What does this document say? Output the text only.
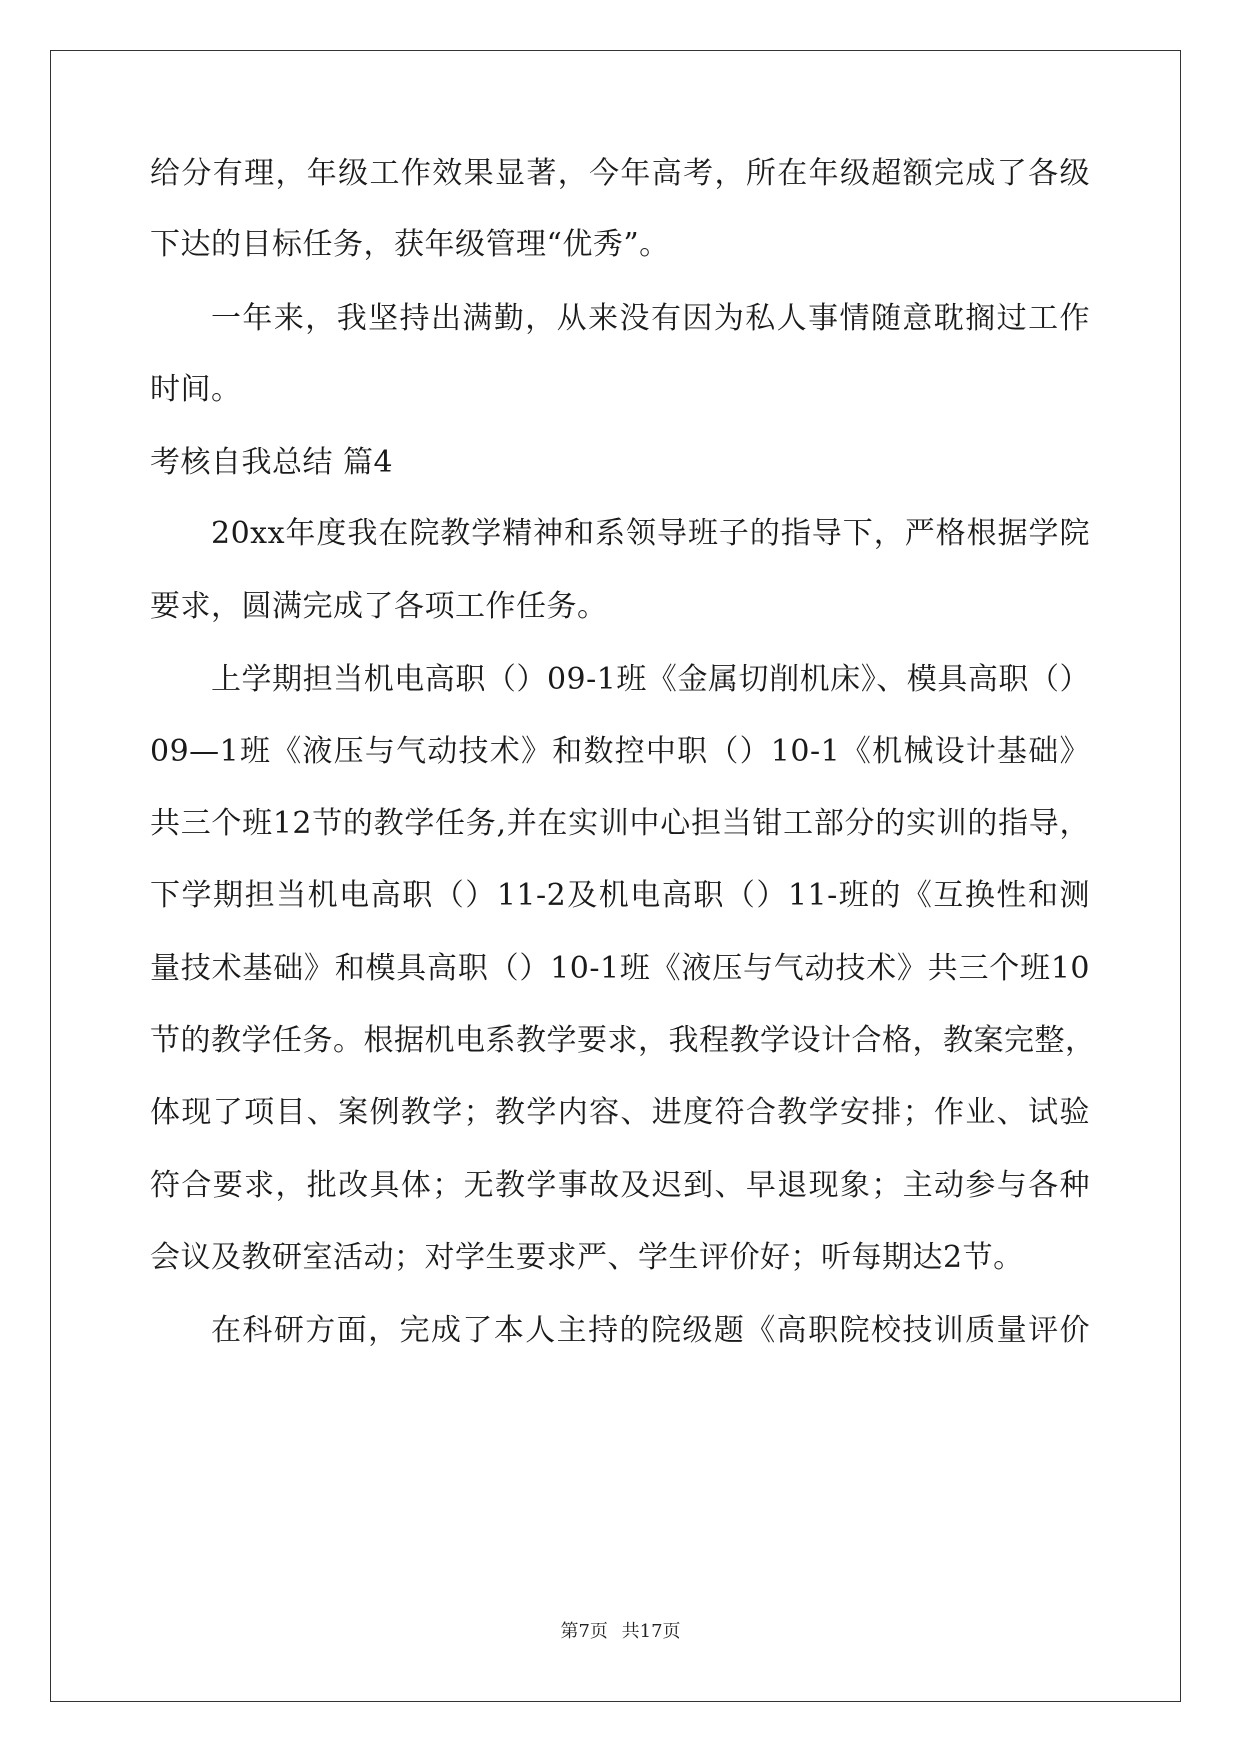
给分有理，年级工作效果显著，今年高考，所在年级超额完成了各级
下达的目标任务，获年级管理“优秀”。
一年来，我坚持出满勤，从来没有因为私人事情随意耽搁过工作
时间。
考核自我总结 篇4
20xx年度我在院教学精神和系领导班子的指导下，严格根据学院
要求，圆满完成了各项工作任务。
上学期担当机电高职（）09-1班《金属切削机床》、模具高职（）
09—1班《液压与气动技术》和数控中职（）10-1《机械设计基础》
共三个班12节的教学任务,并在实训中心担当钳工部分的实训的指导，
下学期担当机电高职（）11-2及机电高职（）11-班的《互换性和测
量技术基础》和模具高职（）10-1班《液压与气动技术》共三个班10
节的教学任务。根据机电系教学要求，我程教学设计合格，教案完整，
体现了项目、案例教学；教学内容、进度符合教学安排；作业、试验
符合要求，批改具体；无教学事故及迟到、早退现象；主动参与各种
会议及教研室活动；对学生要求严、学生评价好；听每期达2节。
在科研方面，完成了本人主持的院级题《高职院校技训质量评价
第7页 共17页
